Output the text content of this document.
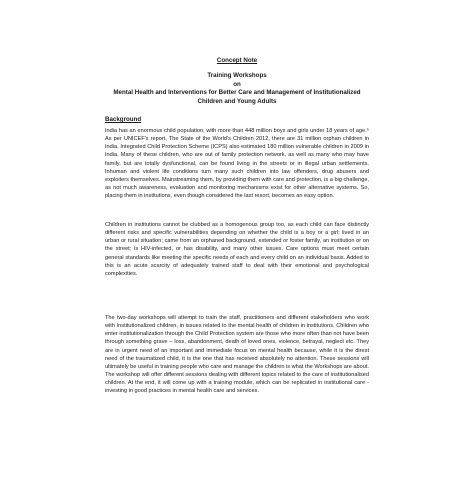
Concept Note

Training Workshops

on

Mental Health and Interventions for Better Care and Management of Institutionalized

Children and Young Adults

Background

India has an enormous child population, with more than 448 million boys and girls under 18 years of age.⁵ As per UNICEF's report, The State of the World's Children 2012, there are 31 million orphan children in India. Integrated Child Protection Scheme (ICPS) also estimated 180 million vulnerable children in 2009 in India. Many of these children, who are out of family protection network, as well as many who may have family, but are totally dysfunctional, can be found living in the streets or in illegal urban settlements. Inhuman and violent life conditions turn many such children into law offenders, drug abusers and exploiters themselves. Mainstreaming them, by providing them with care and protection, is a big challenge, as not much awareness, evaluation and monitoring mechanisms exist for other alternative systems. So, placing them in institutions, even though considered the last resort, becomes an easy option.

Children in institutions cannot be clubbed as a homogenous group too, as each child can face distinctly different risks and specific vulnerabilities depending on whether the child is a boy or a girl; lived in an urban or rural situation; came from an orphaned background, extended or foster family, an institution or on the street; is HIV-infected, or has disability, and many other issues. Care options must meet certain general standards like meeting the specific needs of each and every child on an individual basis. Added to this is an acute scarcity of adequately trained staff to deal with their emotional and psychological complexities.

The two-day workshops will attempt to train the staff, practitioners and different stakeholders who work with Institutionalized children, in issues related to the mental health of children in institutions. Children who enter institutionalization through the Child Protection system are those who more often than not have been through something grave – loss, abandonment, death of loved ones, violence, betrayal, neglect etc. They are in urgent need of an important and immediate focus on mental health because, while it is the direst need of the traumatized child, it is the one that has received absolutely no attention. These sessions will ultimately be useful in training people who care and manage the children is what the Workshops are about. The workshop will offer different sessions dealing with different topics related to the care of institutionalised children. At the end, it will come up with a training module, which can be replicated in institutional care - investing in good practices in mental health care and services.
